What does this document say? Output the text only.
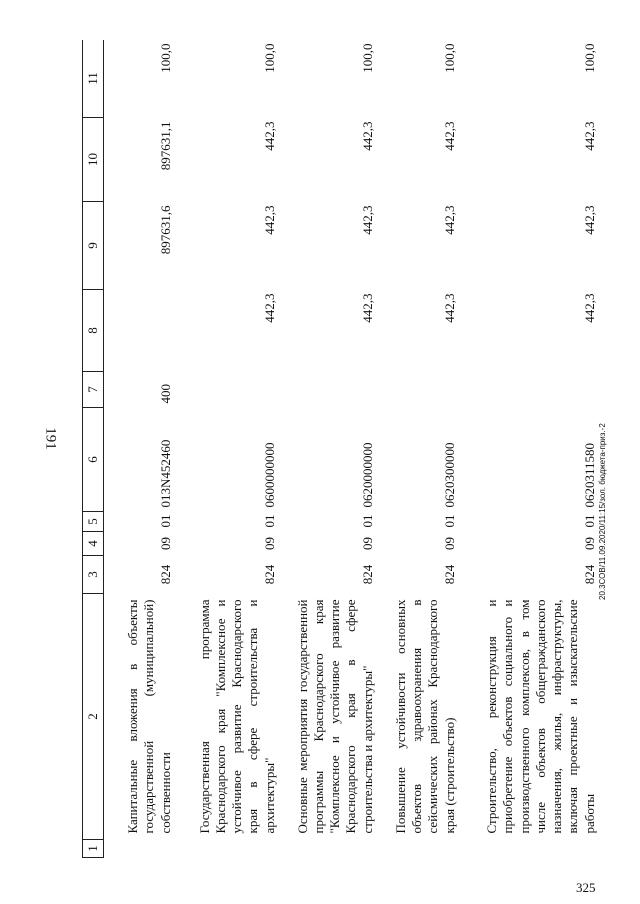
191
1	2	3	4	5	6	7	8	9	10	11
	Капитальные вложения в объекты государственной (муниципальной) собственности	824	09	01	013N452460	400		897631,6	897631,1	100,0
	Государственная программа Краснодарского края "Комплексное и устойчивое развитие Краснодарского края в сфере строительства и архитектуры"	824	09	01	0600000000		442,3	442,3	442,3	100,0
	Основные мероприятия государственной программы Краснодарского края "Комплексное и устойчивое развитие Краснодарского края в сфере строительства и архитектуры"	824	09	01	0620000000		442,3	442,3	442,3	100,0
	Повышение устойчивости основных объектов здравоохранения в сейсмических районах Краснодарского края (строительство)	824	09	01	0620300000		442,3	442,3	442,3	100,0
	Строительство, реконструкция и приобретение объектов социального и производственного комплексов, в том числе объектов общегражданского назначения, жилья, инфраструктуры, включая проектные и изыскательские работы	824	09	01	0620311580		442,3	442,3	442,3	100,0
20.3СОВ/11.09.2020/11:15/зол. бюджета-приз.-2
325
